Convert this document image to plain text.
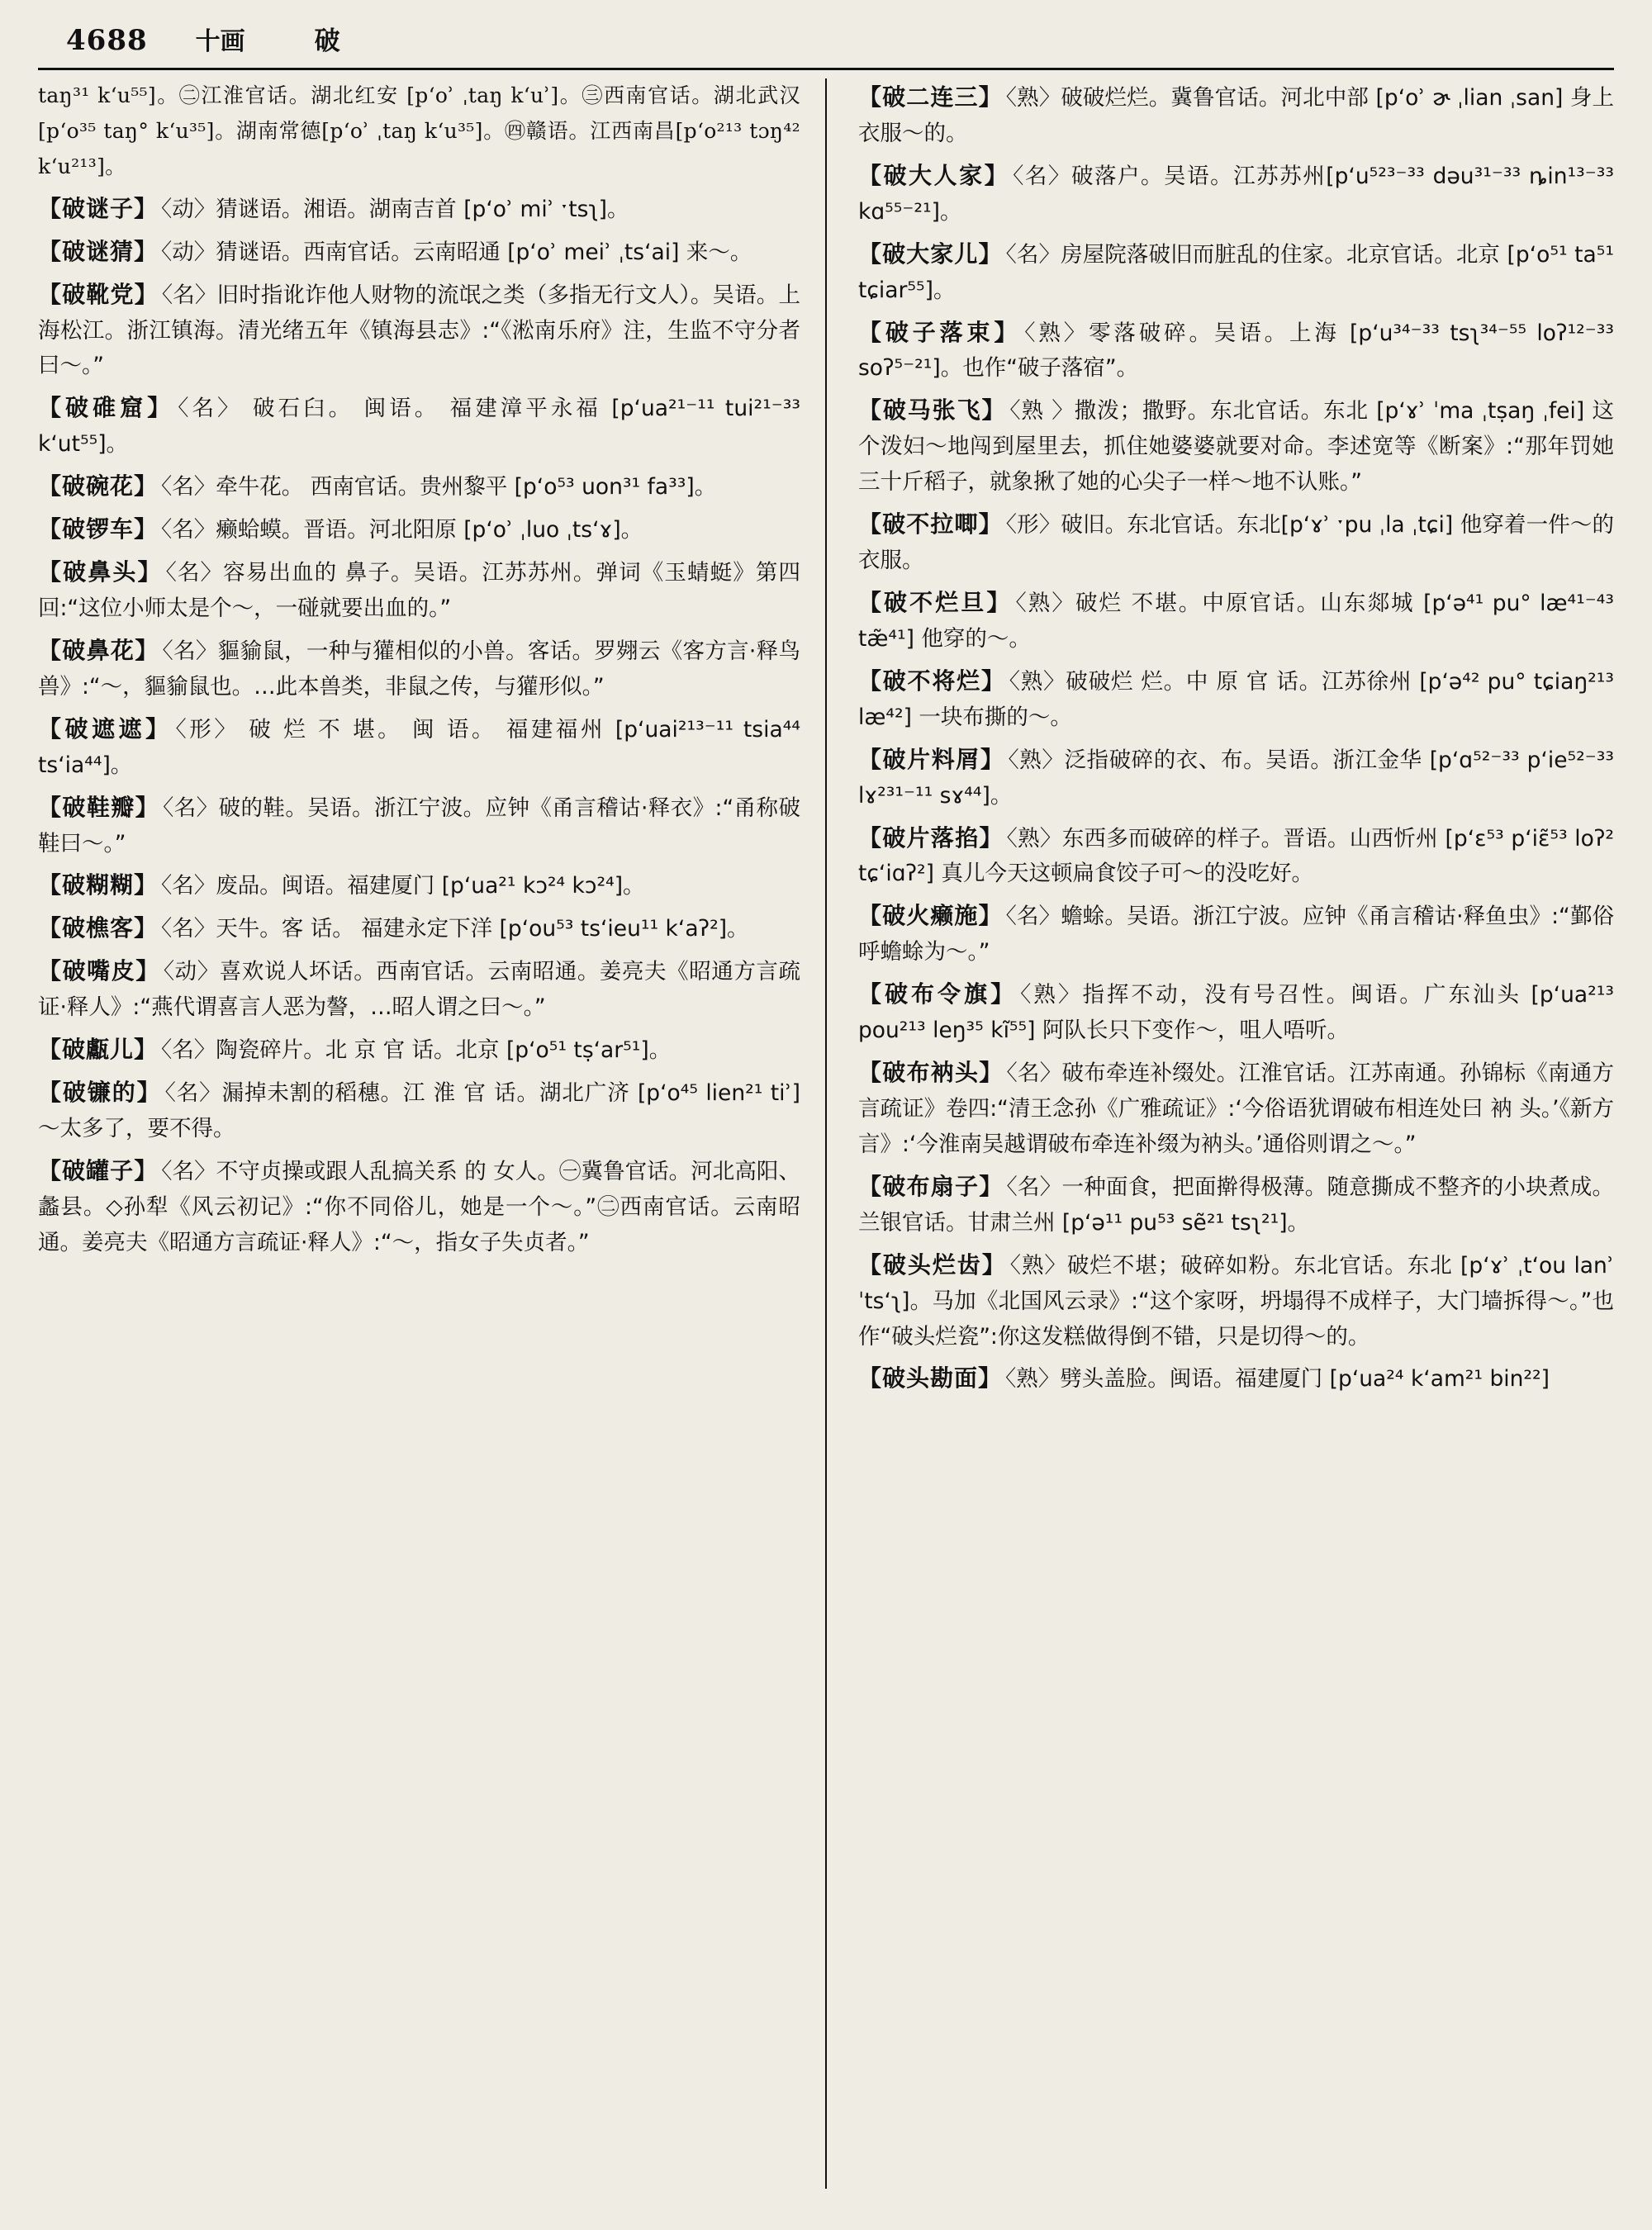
4688 十画	破
taŋ³¹ kʻu⁵⁵]。㊁江淮官话。湖北红安 [pʻoʾ ˌtaŋ kʻuʾ]。㊂西南官话。湖北武汉 [pʻo³⁵ taŋ° kʻu³⁵]。湖南常德[pʻoʾ ˌtaŋ kʻu³⁵]。㊃赣语。江西南昌[pʻo²¹³ tɔŋ⁴² kʻu²¹³]。
【破谜子】 〈动〉猜谜语。湘语。湖南吉首 [pʻoʾ miʾ ˑtsʅ]。
【破谜猜】 〈动〉猜谜语。西南官话。云南昭通 [pʻoʾ meiʾ ˌtsʻai] 来～。
【破靴党】 〈名〉旧时指讹诈他人财物的流氓之类（多指无行文人）。吴语。上海松江。浙江镇海。清光绪五年《镇海县志》:“《淞南乐府》注，生监不守分者曰～。”
【破碓窟】 〈名〉 破石臼。 闽语。 福建漳平永福 [pʻua²¹⁻¹¹ tui²¹⁻³³ kʻut⁵⁵]。
【破碗花】 〈名〉牵牛花。 西南官话。贵州黎平 [pʻo⁵³ uon³¹ fa³³]。
【破锣车】 〈名〉癞蛤蟆。晋语。河北阳原 [pʻoʾ ˌluo ˌtsʻɤ]。
【破鼻头】 〈名〉容易出血的 鼻子。吴语。江苏苏州。弹词《玉蜻蜓》第四回:“这位小师太是个～，一碰就要出血的。”
【破鼻花】 〈名〉貙貐鼠，一种与獾相似的小兽。客话。罗翙云《客方言·释鸟兽》:“～，貙貐鼠也。…此本兽类，非鼠之传，与獾形似。”
【破遮遮】 〈形〉 破 烂 不 堪。 闽 语。 福建福州 [pʻuai²¹³⁻¹¹ tsia⁴⁴ tsʻia⁴⁴]。
【破鞋瓣】 〈名〉破的鞋。吴语。浙江宁波。应钟《甬言稽诂·释衣》:“甬称破鞋曰～。”
【破糊糊】 〈名〉废品。闽语。福建厦门 [pʻua²¹ kɔ²⁴ kɔ²⁴]。
【破樵客】 〈名〉天牛。客 话。 福建永定下洋 [pʻou⁵³ tsʻieu¹¹ kʻaʔ²]。
【破嘴皮】 〈动〉喜欢说人坏话。西南官话。云南昭通。姜亮夫《昭通方言疏证·释人》:“燕代谓喜言人恶为謷，…昭人谓之曰～。”
【破甗儿】 〈名〉陶瓷碎片。北 京 官 话。北京 [pʻo⁵¹ tṣʻar⁵¹]。
【破镰的】 〈名〉漏掉未割的稻穗。江 淮 官 话。湖北广济 [pʻo⁴⁵ lien²¹ tiʾ] ～太多了，要不得。
【破罐子】 〈名〉不守贞操或跟人乱搞关系 的 女人。㊀冀鲁官话。河北高阳、蠡县。◇孙犁《风云初记》:“你不同俗儿，她是一个～。”㊁西南官话。云南昭通。姜亮夫《昭通方言疏证·释人》:“～，指女子失贞者。”
【破二连三】 〈熟〉破破烂烂。冀鲁官话。河北中部 [pʻoʾ ɚ ˌlian ˌsan] 身上衣服～的。
【破大人家】 〈名〉破落户。吴语。江苏苏州[pʻu⁵²³⁻³³ dəu³¹⁻³³ ȵin¹³⁻³³ kɑ⁵⁵⁻²¹]。
【破大家儿】 〈名〉房屋院落破旧而脏乱的住家。北京官话。北京 [pʻo⁵¹ ta⁵¹ tɕiar⁵⁵]。
【破子落束】 〈熟〉零落破碎。吴语。上海 [pʻu³⁴⁻³³ tsʅ³⁴⁻⁵⁵ loʔ¹²⁻³³ soʔ⁵⁻²¹]。也作“破子落宿”。
【破马张飞】 〈熟 〉撒泼；撒野。东北官话。东北 [pʻɤʾ ˈma ˌtṣaŋ ˌfei] 这个泼妇～地闯到屋里去，抓住她婆婆就要对命。李述宽等《断案》:“那年罚她三十斤稻子，就象揪了她的心尖子一样～地不认账。”
【破不拉唧】 〈形〉破旧。东北官话。东北[pʻɤʾ ˑpu ˌla ˌtɕi] 他穿着一件～的衣服。
【破不烂旦】 〈熟〉破烂 不堪。中原官话。山东郯城 [pʻə⁴¹ pu° læ⁴¹⁻⁴³ tæ̃⁴¹] 他穿的～。
【破不将烂】 〈熟〉破破烂 烂。中 原 官 话。江苏徐州 [pʻə⁴² pu° tɕiaŋ²¹³ læ⁴²] 一块布撕的～。
【破片料屑】 〈熟〉泛指破碎的衣、布。吴语。浙江金华 [pʻɑ⁵²⁻³³ pʻie⁵²⁻³³ lɤ²³¹⁻¹¹ sɤ⁴⁴]。
【破片落掐】 〈熟〉东西多而破碎的样子。晋语。山西忻州 [pʻɛ⁵³ pʻiɛ̃⁵³ loʔ² tɕʻiɑʔ²] 真儿今天这顿扁食饺子可～的没吃好。
【破火癞施】 〈名〉蟾蜍。吴语。浙江宁波。应钟《甬言稽诂·释鱼虫》:“鄞俗呼蟾蜍为～。”
【破布令旗】 〈熟〉指挥不动，没有号召性。闽语。广东汕头 [pʻua²¹³ pou²¹³ leŋ³⁵ kĩ⁵⁵] 阿队长只下变作～，咀人唔听。
【破布衲头】 〈名〉破布牵连补缀处。江淮官话。江苏南通。孙锦标《南通方言疏证》卷四:“清王念孙《广雅疏证》:‘今俗语犹谓破布相连处曰 衲 头。’《新方言》:‘今淮南吴越谓破布牵连补缀为衲头。’通俗则谓之～。”
【破布扇子】 〈名〉一种面食，把面擀得极薄。随意撕成不整齐的小块煮成。兰银官话。甘肃兰州 [pʻə¹¹ pu⁵³ sẽ²¹ tsʅ²¹]。
【破头烂齿】 〈熟〉破烂不堪；破碎如粉。东北官话。东北 [pʻɤʾ ˌtʻou lanʾ ˈtsʻʅ]。马加《北国风云录》:“这个家呀，坍塌得不成样子，大门墙拆得～。”也作“破头烂瓷”:你这发糕做得倒不错，只是切得～的。
【破头勘面】 〈熟〉劈头盖脸。闽语。福建厦门 [pʻua²⁴ kʻam²¹ bin²²]
